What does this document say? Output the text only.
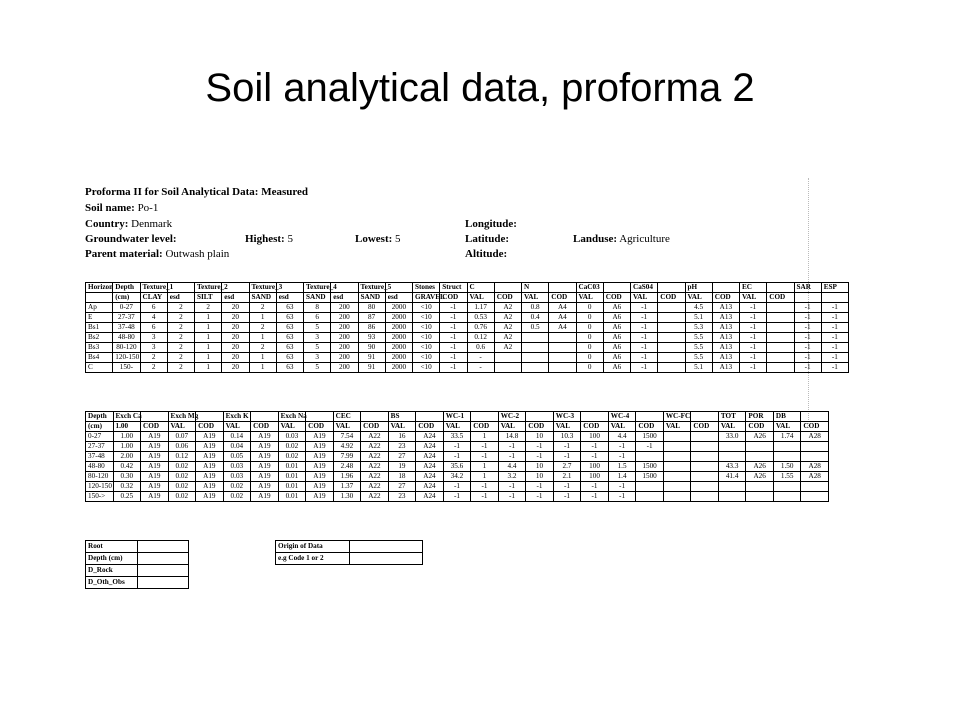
Soil analytical data, proforma 2
Proforma II for Soil Analytical Data: Measured
Soil name: Po-1
Country: Denmark	Longitude:
Groundwater level:	Highest: 5	Lowest: 5	Latitude:	Landuse: Agriculture
Parent material: Outwash plain	Altitude:
Horizon	Depth	Texture_1		Texture_2		Texture_3		Texture_4		Texture_5		Stones	Struct	C		N		CaC03		CaS04		pH		EC		SAR	ESP
	(cm)	CLAY	esd	SILT	esd	SAND	esd	SAND	esd	SAND	esd	GRAVEL	COD	VAL	COD	VAL	COD	VAL	COD	VAL	COD	VAL	COD	VAL	COD		
Ap	0-27	6	2	2	20	2	63	8	200	80	2000	<10	-1	1.17	A2	0.8	A4	0	A6	-1		4.5	A13	-1		-1	-1
E	27-37	4	2	1	20	1	63	6	200	87	2000	<10	-1	0.53	A2	0.4	A4	0	A6	-1		5.1	A13	-1		-1	-1
Bs1	37-48	6	2	1	20	2	63	5	200	86	2000	<10	-1	0.76	A2	0.5	A4	0	A6	-1		5.3	A13	-1		-1	-1
Bs2	48-80	3	2	1	20	1	63	3	200	93	2000	<10	-1	0.12	A2			0	A6	-1		5.5	A13	-1		-1	-1
Bs3	80-120	3	2	1	20	2	63	5	200	90	2000	<10	-1	0.6	A2			0	A6	-1		5.5	A13	-1		-1	-1
Bs4	120-150	2	2	1	20	1	63	3	200	91	2000	<10	-1	-				0	A6	-1		5.5	A13	-1		-1	-1
C	150-	2	2	1	20	1	63	5	200	91	2000	<10	-1	-				0	A6	-1		5.1	A13	-1		-1	-1
Depth	Exch Ca		Exch Mg		Exch K		Exch Na		CEC		BS		WC-1		WC-2		WC-3		WC-4		WC-FC		TOT	POR	DB	
(cm)	1.00	COD	VAL	COD	VAL	COD	VAL	COD	VAL	COD	VAL	COD	VAL	COD	VAL	COD	VAL	COD	VAL	COD	VAL	COD	VAL	COD	VAL	COD
0-27	1.00	A19	0.07	A19	0.14	A19	0.03	A19	7.54	A22	16	A24	33.5	1	14.8	10	10.3	100	4.4	1500			33.0	A26	1.74	A28
27-37	1.00	A19	0.06	A19	0.04	A19	0.02	A19	4.92	A22	23	A24	-1	-1	-1	-1	-1	-1	-1	-1						
37-48	2.00	A19	0.12	A19	0.05	A19	0.02	A19	7.99	A22	27	A24	-1	-1	-1	-1	-1	-1	-1							
48-80	0.42	A19	0.02	A19	0.03	A19	0.01	A19	2.48	A22	19	A24	35.6	1	4.4	10	2.7	100	1.5	1500			43.3	A26	1.50	A28
80-120	0.30	A19	0.02	A19	0.03	A19	0.01	A19	1.96	A22	18	A24	34.2	1	3.2	10	2.1	100	1.4	1500			41.4	A26	1.55	A28
120-150	0.32	A19	0.02	A19	0.02	A19	0.01	A19	1.37	A22	27	A24	-1	-1	-1	-1	-1	-1	-1							
150->	0.25	A19	0.02	A19	0.02	A19	0.01	A19	1.30	A22	23	A24	-1	-1	-1	-1	-1	-1	-1							
Root	
Depth (cm)	
D_Rock	
D_Oth_Obs	
Origin of Data	
e.g Code 1 or 2	
